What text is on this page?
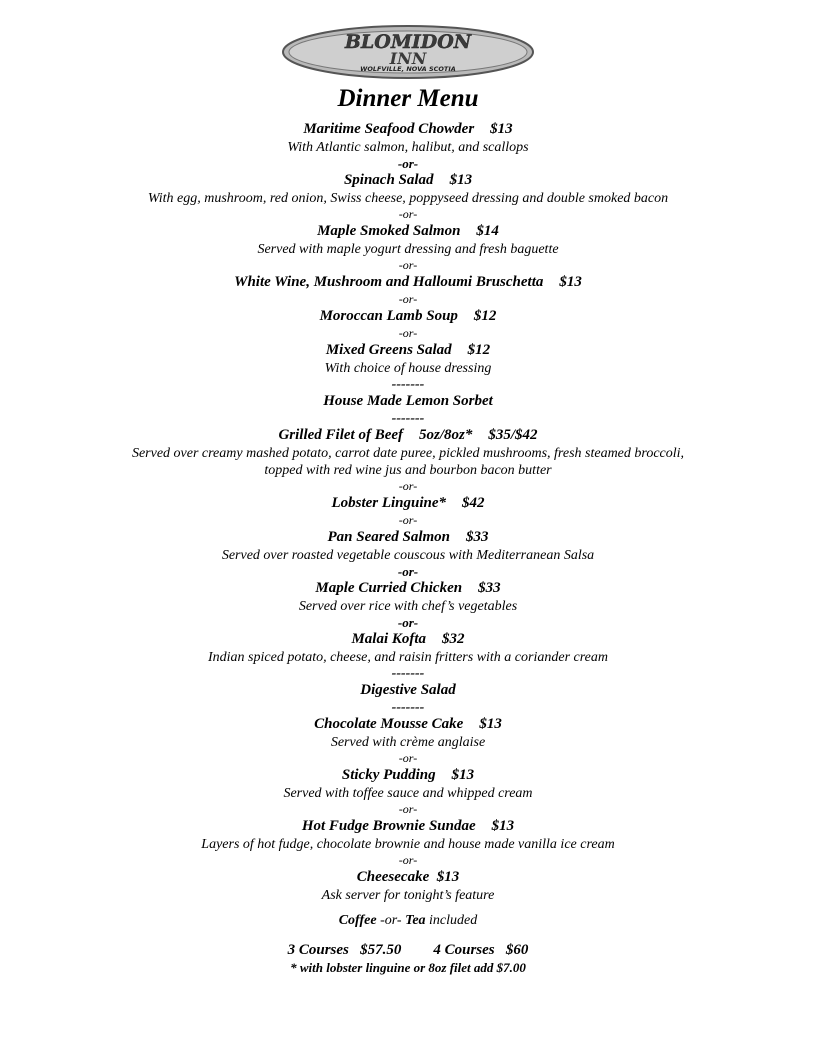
BLOMIDON
INN
WOLFVILLE, NOVA SCOTIA
Dinner Menu
Maritime Seafood Chowder $13
With Atlantic salmon, halibut, and scallops
-or-
Spinach Salad $13
With egg, mushroom, red onion, Swiss cheese, poppyseed dressing and double smoked bacon
-or-
Maple Smoked Salmon $14
Served with maple yogurt dressing and fresh baguette
-or-
White Wine, Mushroom and Halloumi Bruschetta $13
-or-
Moroccan Lamb Soup $12
-or-
Mixed Greens Salad $12
With choice of house dressing
-------
House Made Lemon Sorbet
-------
Grilled Filet of Beef 5oz/8oz* $35/$42
Served over creamy mashed potato, carrot date puree, pickled mushrooms, fresh steamed broccoli,
topped with red wine jus and bourbon bacon butter
-or-
Lobster Linguine* $42
-or-
Pan Seared Salmon $33
Served over roasted vegetable couscous with Mediterranean Salsa
-or-
Maple Curried Chicken $33
Served over rice with chef’s vegetables
-or-
Malai Kofta $32
Indian spiced potato, cheese, and raisin fritters with a coriander cream
-------
Digestive Salad
-------
Chocolate Mousse Cake $13
Served with crème anglaise
-or-
Sticky Pudding $13
Served with toffee sauce and whipped cream
-or-
Hot Fudge Brownie Sundae $13
Layers of hot fudge, chocolate brownie and house made vanilla ice cream
-or-
Cheesecake $13
Ask server for tonight’s feature
Coffee -or- Tea included
3 Courses $57.50 4 Courses $60
* with lobster linguine or 8oz filet add $7.00
